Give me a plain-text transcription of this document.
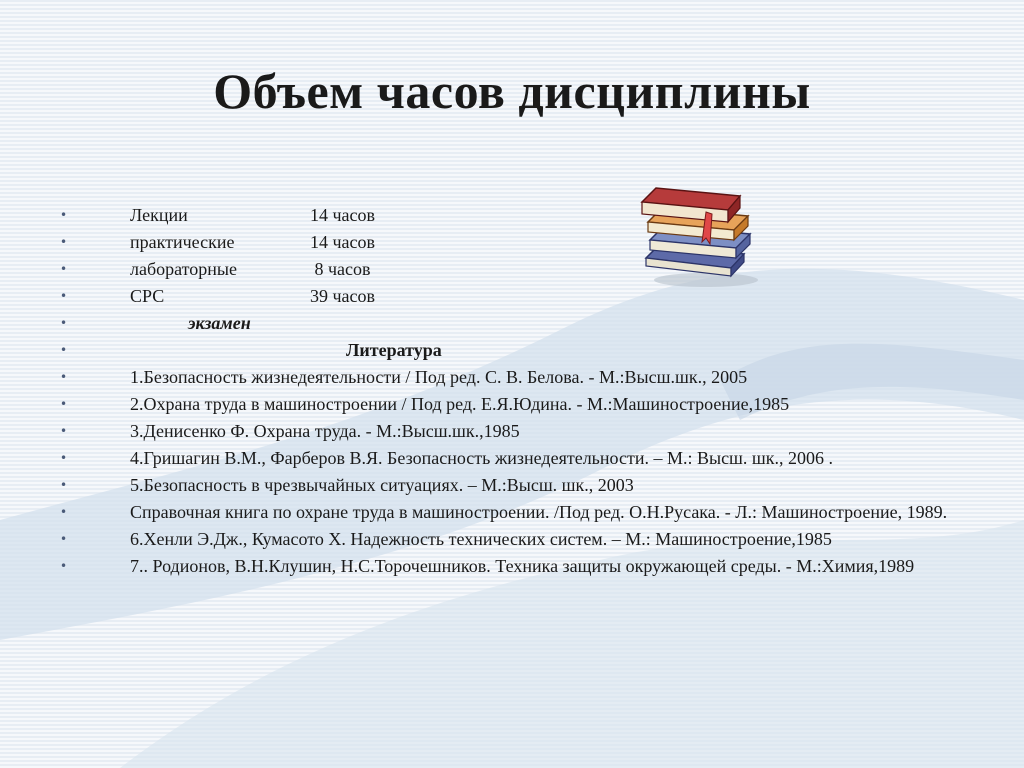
Объем часов дисциплины
•	Лекции	14 часов
•	практические	14 часов
•	лабораторные	8 часов
•	СРС	39 часов
•	экзамен
•	Литература
•	1.Безопасность жизнедеятельности / Под ред. С. В. Белова. - М.:Высш.шк., 2005
•	2.Охрана труда в машиностроении / Под ред. Е.Я.Юдина. - М.:Машиностроение,1985
•	3.Денисенко Ф. Охрана труда. - М.:Высш.шк.,1985
•	4.Гришагин В.М., Фарберов В.Я. Безопасность жизнедеятельности. – М.: Высш. шк., 2006 .
•	5.Безопасность в чрезвычайных ситуациях. – М.:Высш. шк., 2003
•	Справочная книга по охране труда в машиностроении. /Под ред. О.Н.Русака. - Л.: Машиностроение, 1989.
•	6.Хенли Э.Дж., Кумасото Х. Надежность технических систем. – М.: Машиностроение,1985
•	7.. Родионов, В.Н.Клушин, Н.С.Торочешников. Техника защиты окружающей среды. - М.:Химия,1989
